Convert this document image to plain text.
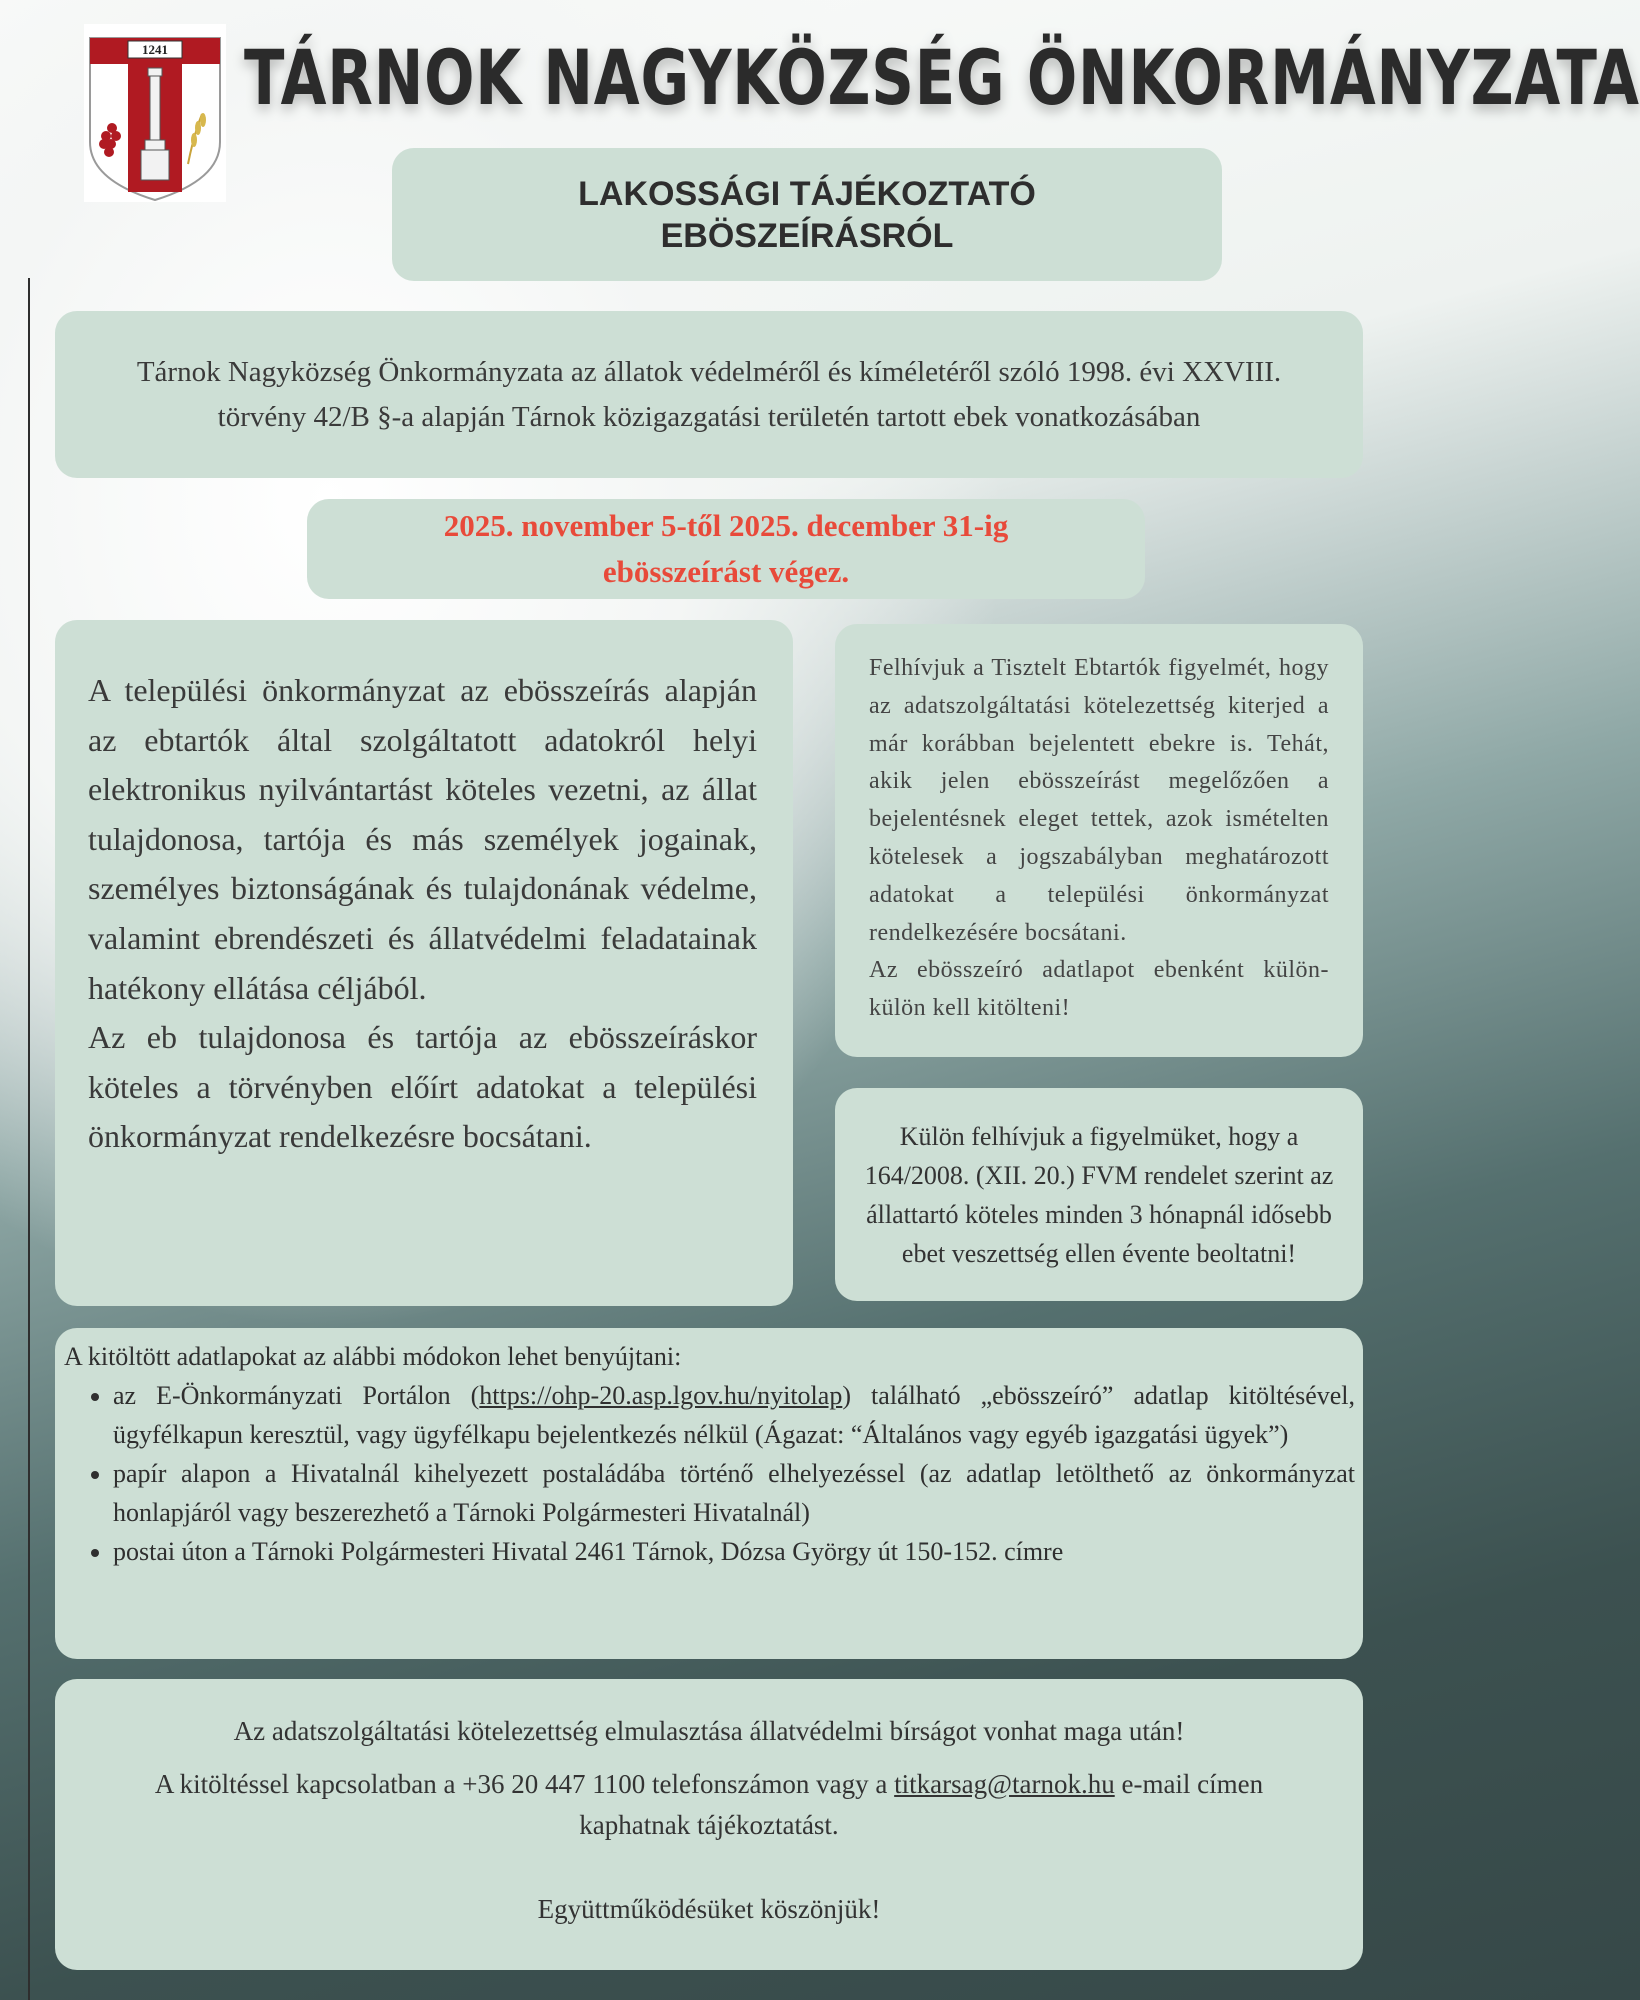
1241 TÁRNOK NAGYKÖZSÉG ÖNKORMÁNYZATA
LAKOSSÁGI TÁJÉKOZTATÓ
EBÖSZEÍRÁSRÓL
Tárnok Nagyközség Önkormányzata az állatok védelméről és kíméletéről szóló 1998. évi XXVIII. törvény 42/B §-a alapján Tárnok közigazgatási területén tartott ebek vonatkozásában
2025. november 5-től 2025. december 31-ig
ebösszeírást végez.

A települési önkormányzat az ebösszeírás alapján az ebtartók által szolgáltatott adatokról helyi elektronikus nyilvántartást köteles vezetni, az állat tulajdonosa, tartója és más személyek jogainak, személyes biztonságának és tulajdonának védelme, valamint ebrendészeti és állatvédelmi feladatainak hatékony ellátása céljából.

Az eb tulajdonosa és tartója az ebösszeíráskor köteles a törvényben előírt adatokat a települési önkormányzat rendelkezésre bocsátani.

Felhívjuk a Tisztelt Ebtartók figyelmét, hogy az adatszolgáltatási kötelezettség kiterjed a már korábban bejelentett ebekre is. Tehát, akik jelen ebösszeírást megelőzően a bejelentésnek eleget tettek, azok ismételten kötelesek a jogszabályban meghatározott adatokat a települési önkormányzat rendelkezésére bocsátani.

Az ebösszeíró adatlapot ebenként külön-külön kell kitölteni!

Külön felhívjuk a figyelmüket, hogy a 164/2008. (XII. 20.) FVM rendelet szerint az állattartó köteles minden 3 hónapnál idősebb ebet veszettség ellen évente beoltatni!

A kitöltött adatlapokat az alábbi módokon lehet benyújtani:

• az E-Önkormányzati Portálon (https://ohp-20.asp.lgov.hu/nyitolap) található „ebösszeíró” adatlap kitöltésével, ügyfélkapun keresztül, vagy ügyfélkapu bejelentkezés nélkül (Ágazat: “Általános vagy egyéb igazgatási ügyek”)
• papír alapon a Hivatalnál kihelyezett postaládába történő elhelyezéssel (az adatlap letölthető az önkormányzat honlapjáról vagy beszerezhető a Tárnoki Polgármesteri Hivatalnál)
• postai úton a Tárnoki Polgármesteri Hivatal 2461 Tárnok, Dózsa György út 150-152. címre

Az adatszolgáltatási kötelezettség elmulasztása állatvédelmi bírságot vonhat maga után!

A kitöltéssel kapcsolatban a +36 20 447 1100 telefonszámon vagy a titkarsag@tarnok.hu e-mail címen kaphatnak tájékoztatást.

Együttműködésüket köszönjük!
